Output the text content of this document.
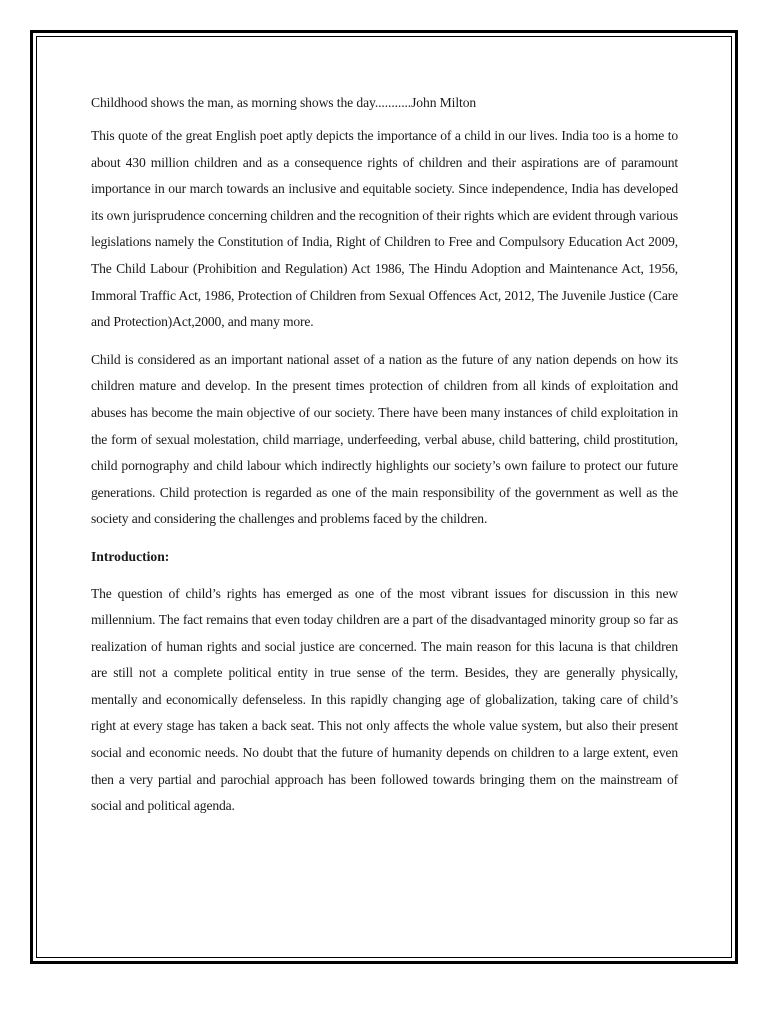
Childhood shows the man, as morning shows the day...........John Milton

This quote of the great English poet aptly depicts the importance of a child in our lives. India too is a home to about 430 million children and as a consequence rights of children and their aspirations are of paramount importance in our march towards an inclusive and equitable society. Since independence, India has developed its own jurisprudence concerning children and the recognition of their rights which are evident through various legislations namely the Constitution of India, Right of Children to Free and Compulsory Education Act 2009, The Child Labour (Prohibition and Regulation) Act 1986, The Hindu Adoption and Maintenance Act, 1956, Immoral Traffic Act, 1986, Protection of Children from Sexual Offences Act, 2012, The Juvenile Justice (Care and Protection)Act,2000, and many more.

Child is considered as an important national asset of a nation as the future of any nation depends on how its children mature and develop. In the present times protection of children from all kinds of exploitation and abuses has become the main objective of our society. There have been many instances of child exploitation in the form of sexual molestation, child marriage, underfeeding, verbal abuse, child battering, child prostitution, child pornography and child labour which indirectly highlights our society’s own failure to protect our future generations. Child protection is regarded as one of the main responsibility of the government as well as the society and considering the challenges and problems faced by the children.

Introduction:

The question of child’s rights has emerged as one of the most vibrant issues for discussion in this new millennium. The fact remains that even today children are a part of the disadvantaged minority group so far as realization of human rights and social justice are concerned. The main reason for this lacuna is that children are still not a complete political entity in true sense of the term. Besides, they are generally physically, mentally and economically defenseless. In this rapidly changing age of globalization, taking care of child’s right at every stage has taken a back seat. This not only affects the whole value system, but also their present social and economic needs. No doubt that the future of humanity depends on children to a large extent, even then a very partial and parochial approach has been followed towards bringing them on the mainstream of social and political agenda.
